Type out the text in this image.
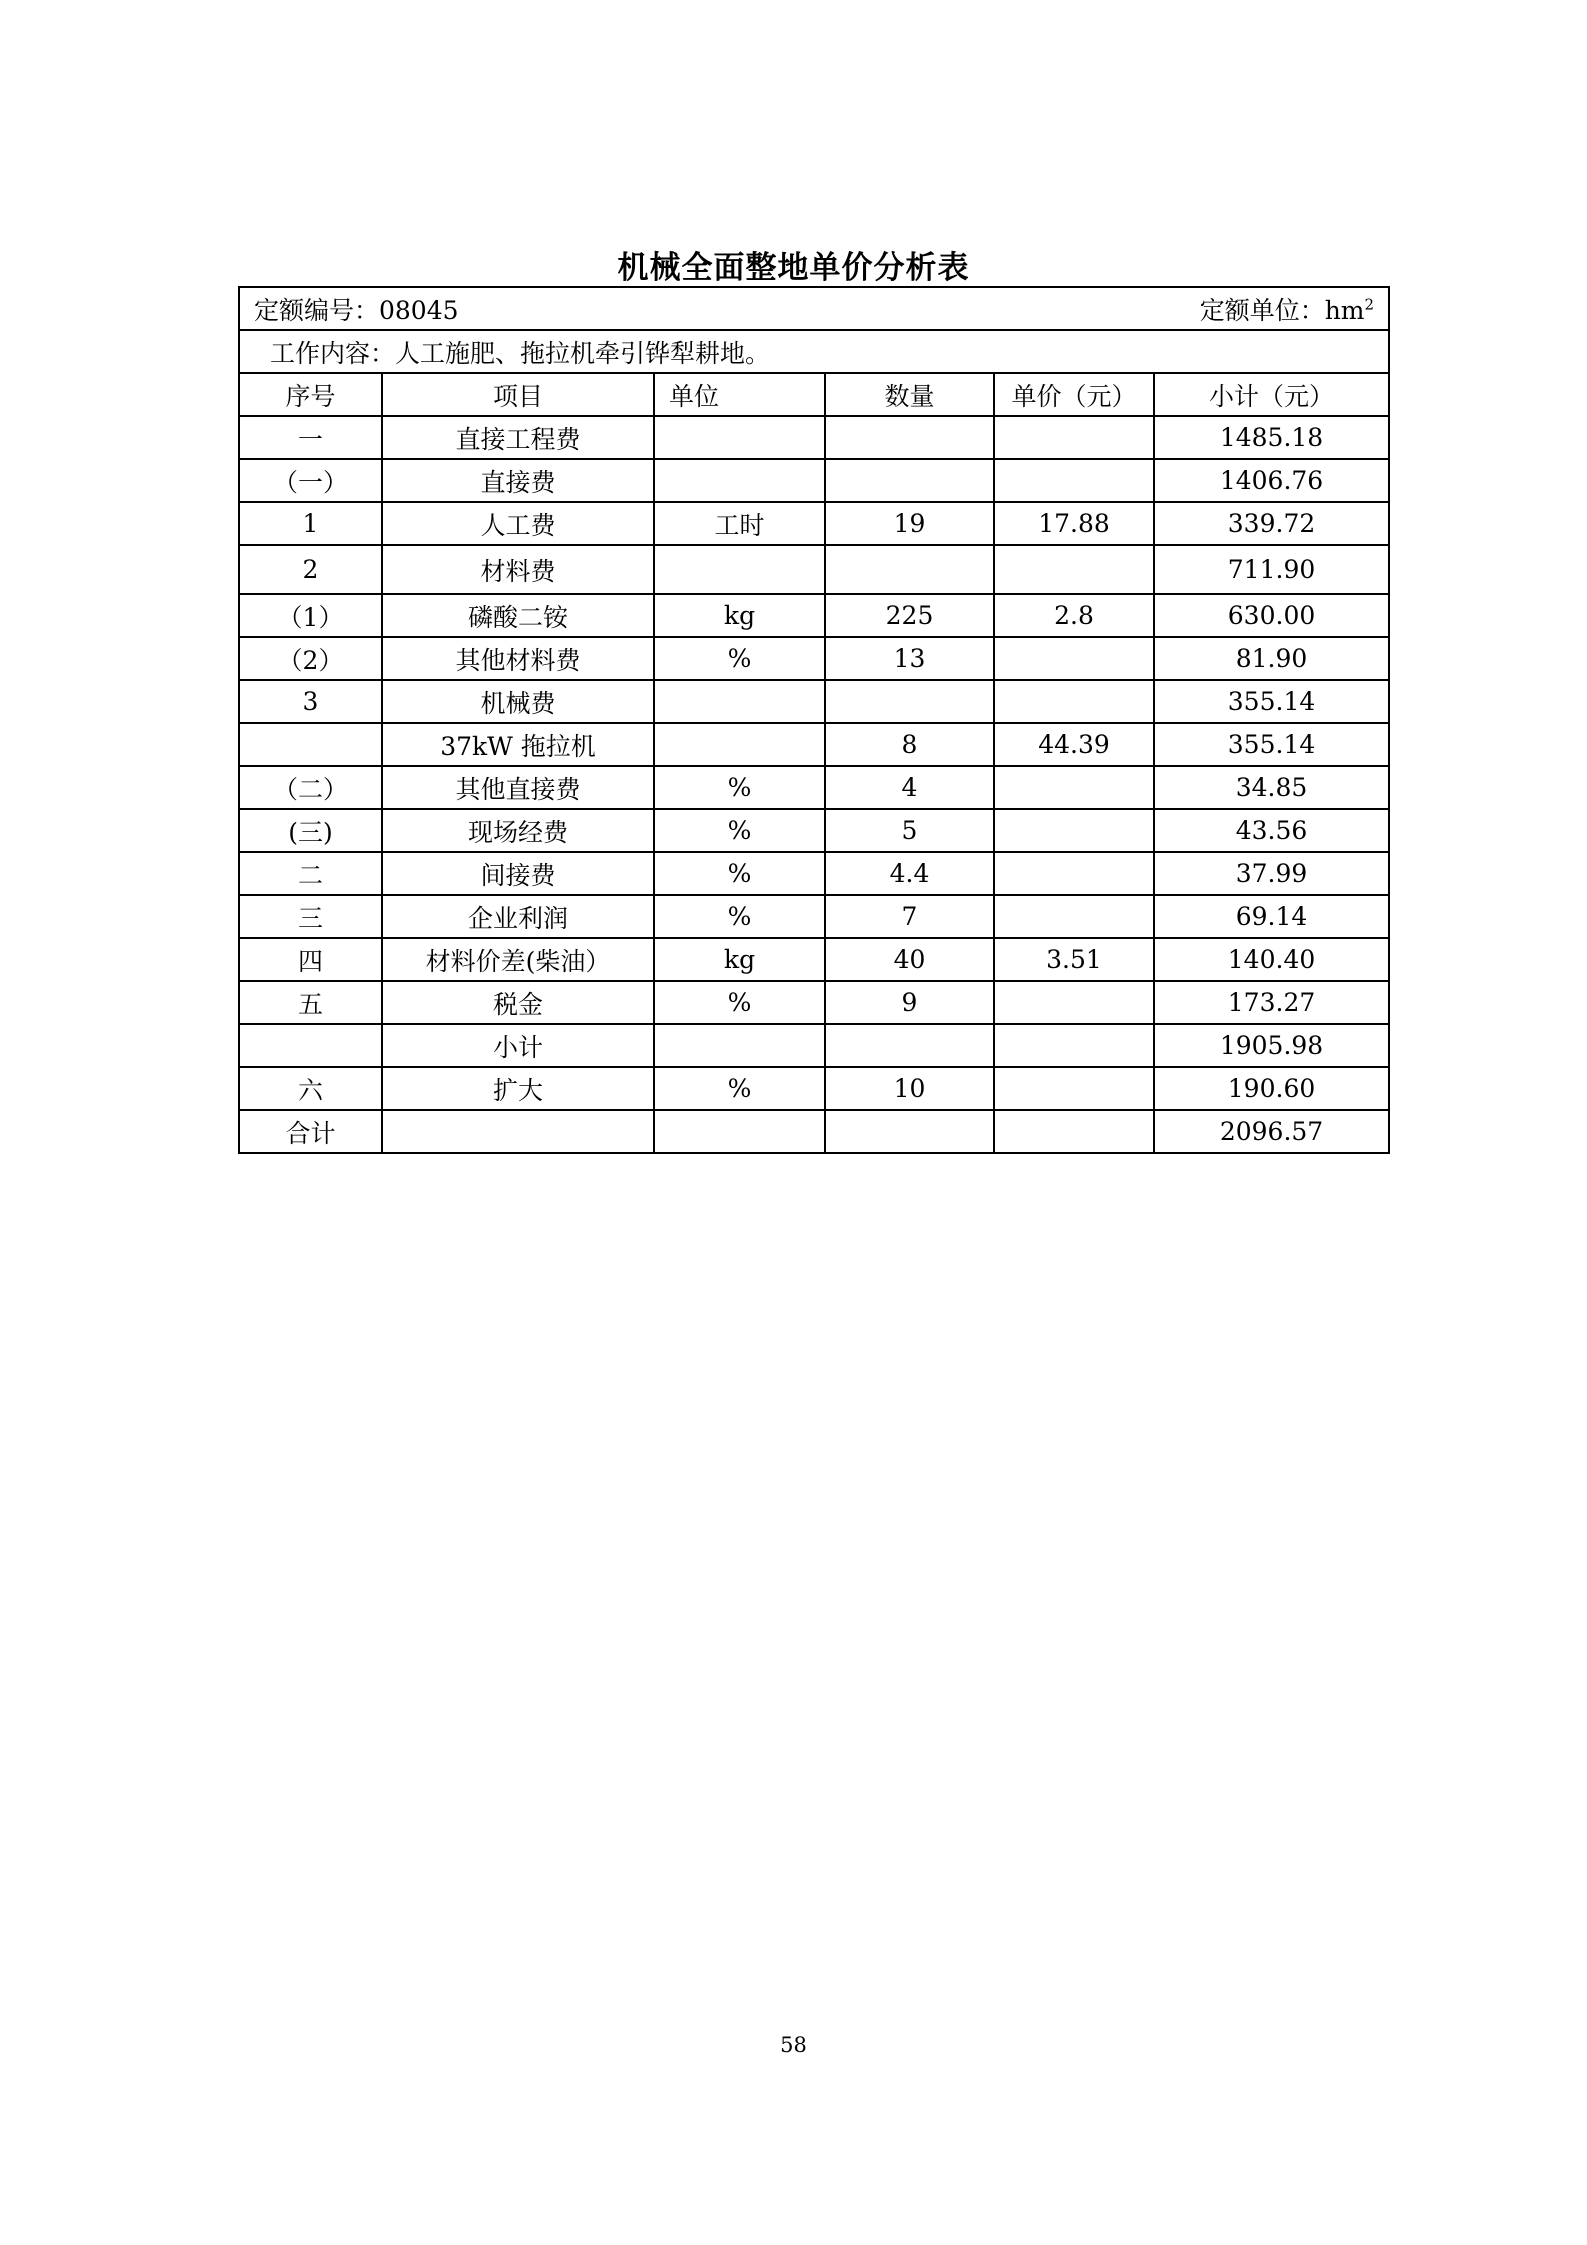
机械全面整地单价分析表
定额编号：08045 定额单位：$hm^2$

工作内容：人工施肥、拖拉机牵引铧犁耕地。					
序号	项目	单位	数量	单价（元）	小计（元）
一	直接工程费				1485.18
（一）	直接费				1406.76
1	人工费	工时	19	17.88	339.72
2	材料费				711.90
（1）	磷酸二铵	kg	225	2.8	630.00
（2）	其他材料费	%	13		81.90
3	机械费				355.14
	37kW 拖拉机		8	44.39	355.14
（二）	其他直接费	%	4		34.85
(三)	现场经费	%	5		43.56
二	间接费	%	4.4		37.99
三	企业利润	%	7		69.14
四	材料价差(柴油）	kg	40	3.51	140.40
五	税金	%	9		173.27
	小计				1905.98
六	扩大	%	10		190.60
合计					2096.57
58
